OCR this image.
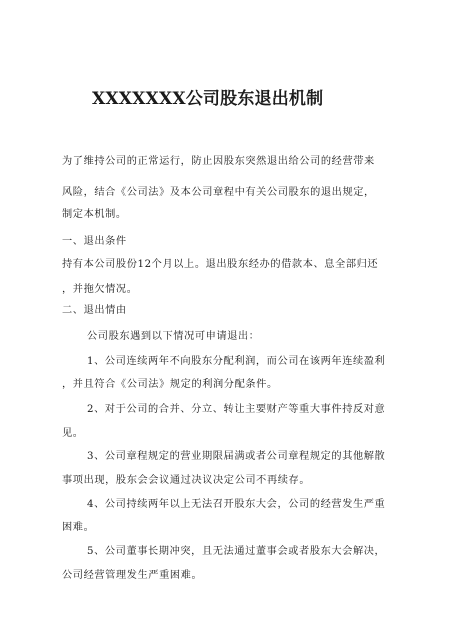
XXXXXXX公司股东退出机制
为了维持公司的正常运行，防止因股东突然退出给公司的经营带来
风险，结合《公司法》及本公司章程中有关公司股东的退出规定，
制定本机制。
一、退出条件
持有本公司股份12个月以上。退出股东经办的借款本、息全部归还
，并拖欠情况。
二、退出情由
公司股东遇到以下情况可申请退出：
1、公司连续两年不向股东分配利润，而公司在该两年连续盈利
，并且符合《公司法》规定的利润分配条件。
2、对于公司的合并、分立、转让主要财产等重大事件持反对意
见。
3、公司章程规定的营业期限届满或者公司章程规定的其他解散
事项出现，股东会会议通过决议决定公司不再续存。
4、公司持续两年以上无法召开股东大会，公司的经营发生严重
困难。
5、公司董事长期冲突，且无法通过董事会或者股东大会解决，
公司经营管理发生严重困难。
